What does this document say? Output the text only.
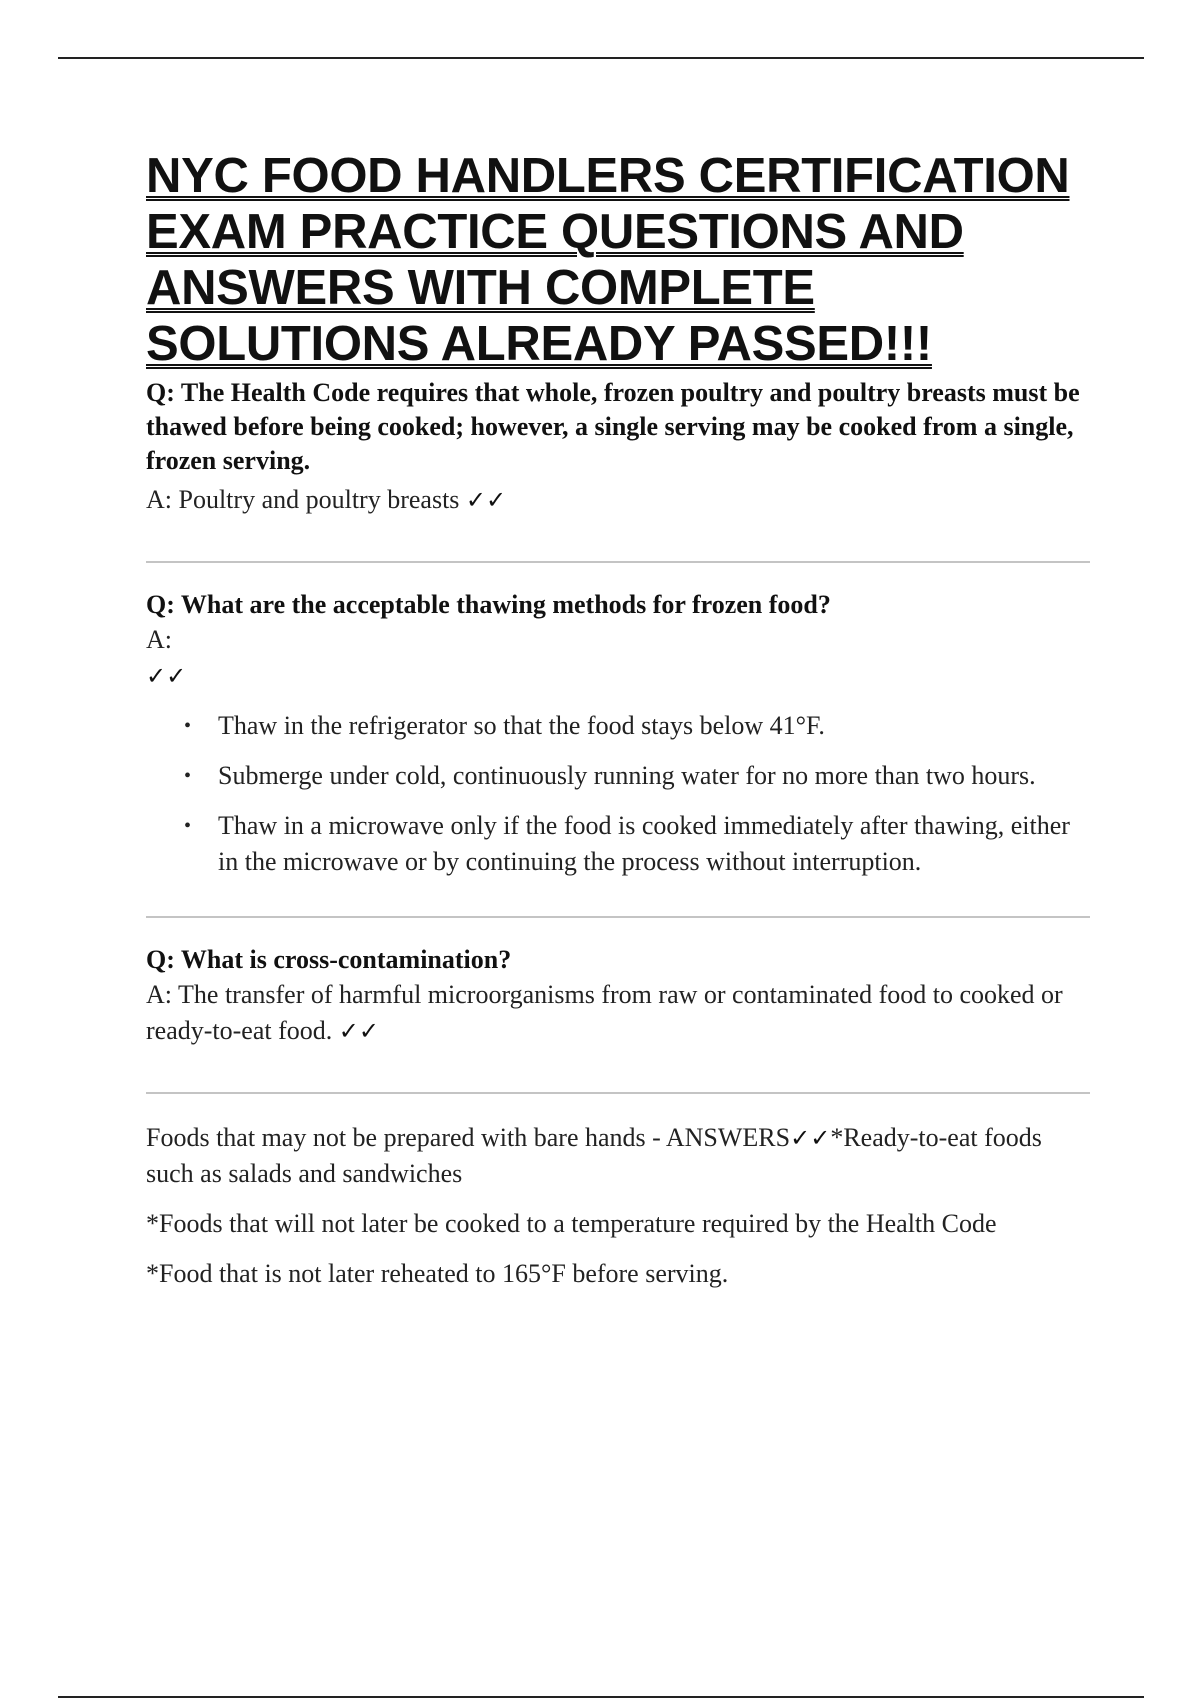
NYC FOOD HANDLERS CERTIFICATION EXAM PRACTICE QUESTIONS AND ANSWERS WITH COMPLETE SOLUTIONS ALREADY PASSED!!!

Q: The Health Code requires that whole, frozen poultry and poultry breasts must be thawed before being cooked; however, a single serving may be cooked from a single, frozen serving.

A: Poultry and poultry breasts ✓✓

Q: What are the acceptable thawing methods for frozen food?

A:

✓✓

• Thaw in the refrigerator so that the food stays below 41°F.
• Submerge under cold, continuously running water for no more than two hours.
• Thaw in a microwave only if the food is cooked immediately after thawing, either in the microwave or by continuing the process without interruption.

Q: What is cross-contamination?

A: The transfer of harmful microorganisms from raw or contaminated food to cooked or ready-to-eat food. ✓✓

Foods that may not be prepared with bare hands - ANSWERS✓✓*Ready-to-eat foods such as salads and sandwiches

*Foods that will not later be cooked to a temperature required by the Health Code

*Food that is not later reheated to 165°F before serving.
